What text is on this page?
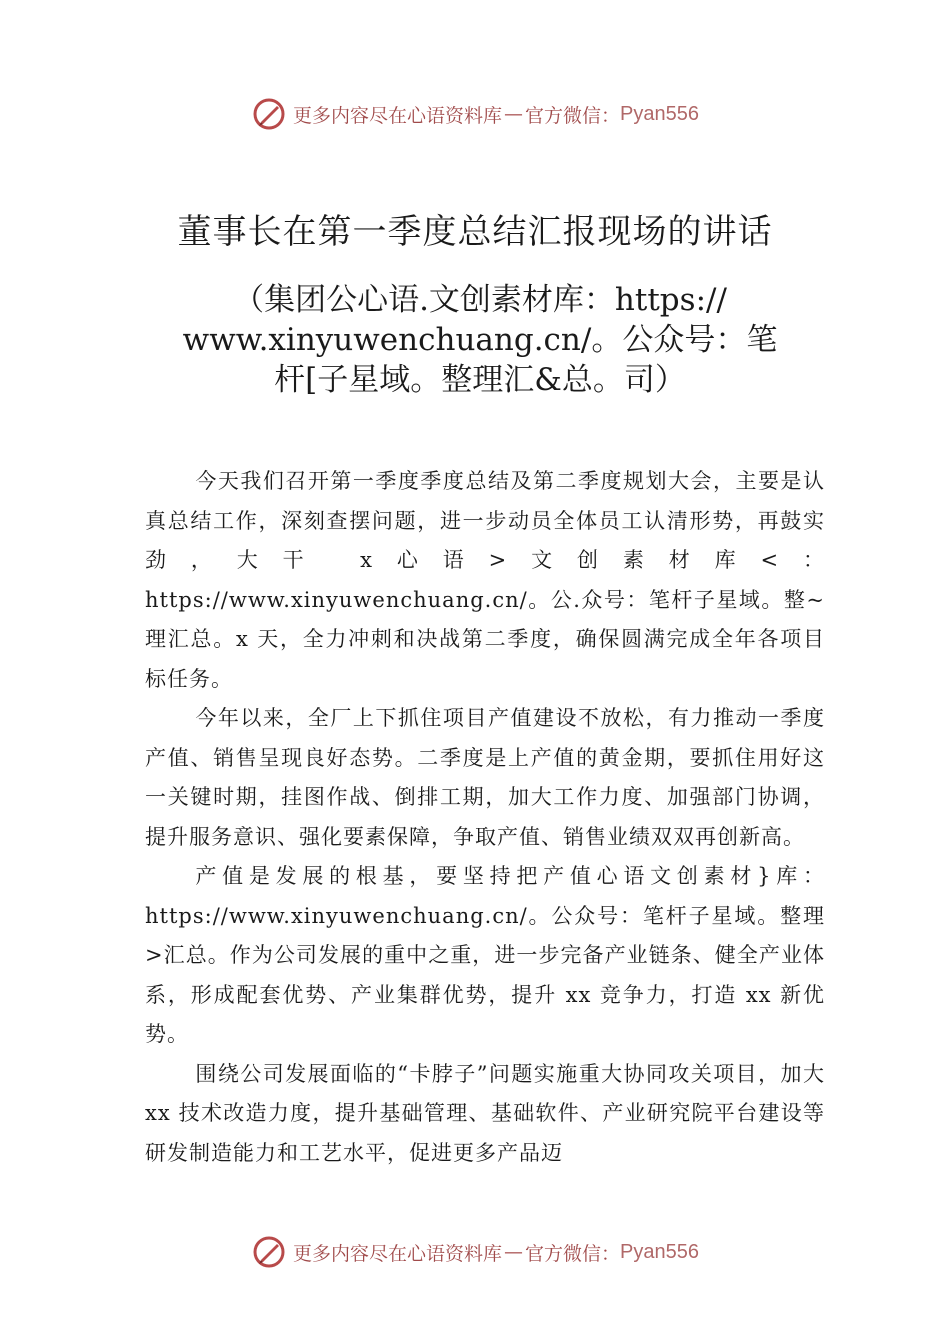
更多内容尽在心语资料库 — 官方微信： Pyan556
董事长在第一季度总结汇报现场的讲话
（集团公心语.文创素材库：https:// www.xinyuwenchuang.cn/。公众号：笔杆[子星域。整理汇&总。司）

今天我们召开第一季度季度总结及第二季度规划大会，主要是认真总结工作，深刻查摆问题，进一步动员全体员工认清形势，再鼓实劲，大干 x心语>文创素材库<：https://www.xinyuwenchuang.cn/。公.众号：笔杆子星域。整~理汇总。x 天，全力冲刺和决战第二季度，确保圆满完成全年各项目标任务。

今年以来，全厂上下抓住项目产值建设不放松，有力推动一季度产值、销售呈现良好态势。二季度是上产值的黄金期，要抓住用好这一关键时期，挂图作战、倒排工期，加大工作力度、加强部门协调，提升服务意识、强化要素保障，争取产值、销售业绩双双再创新高。

产值是发展的根基，要坚持把产值心语文创素材}库：https://www.xinyuwenchuang.cn/。公众号：笔杆子星域。整理>汇总。作为公司发展的重中之重，进一步完备产业链条、健全产业体系，形成配套优势、产业集群优势，提升 xx 竞争力，打造 xx 新优势。

围绕公司发展面临的“卡脖子”问题实施重大协同攻关项目，加大 xx 技术改造力度，提升基础管理、基础软件、产业研究院平台建设等研发制造能力和工艺水平，促进更多产品迈

更多内容尽在心语资料库 — 官方微信： Pyan556
